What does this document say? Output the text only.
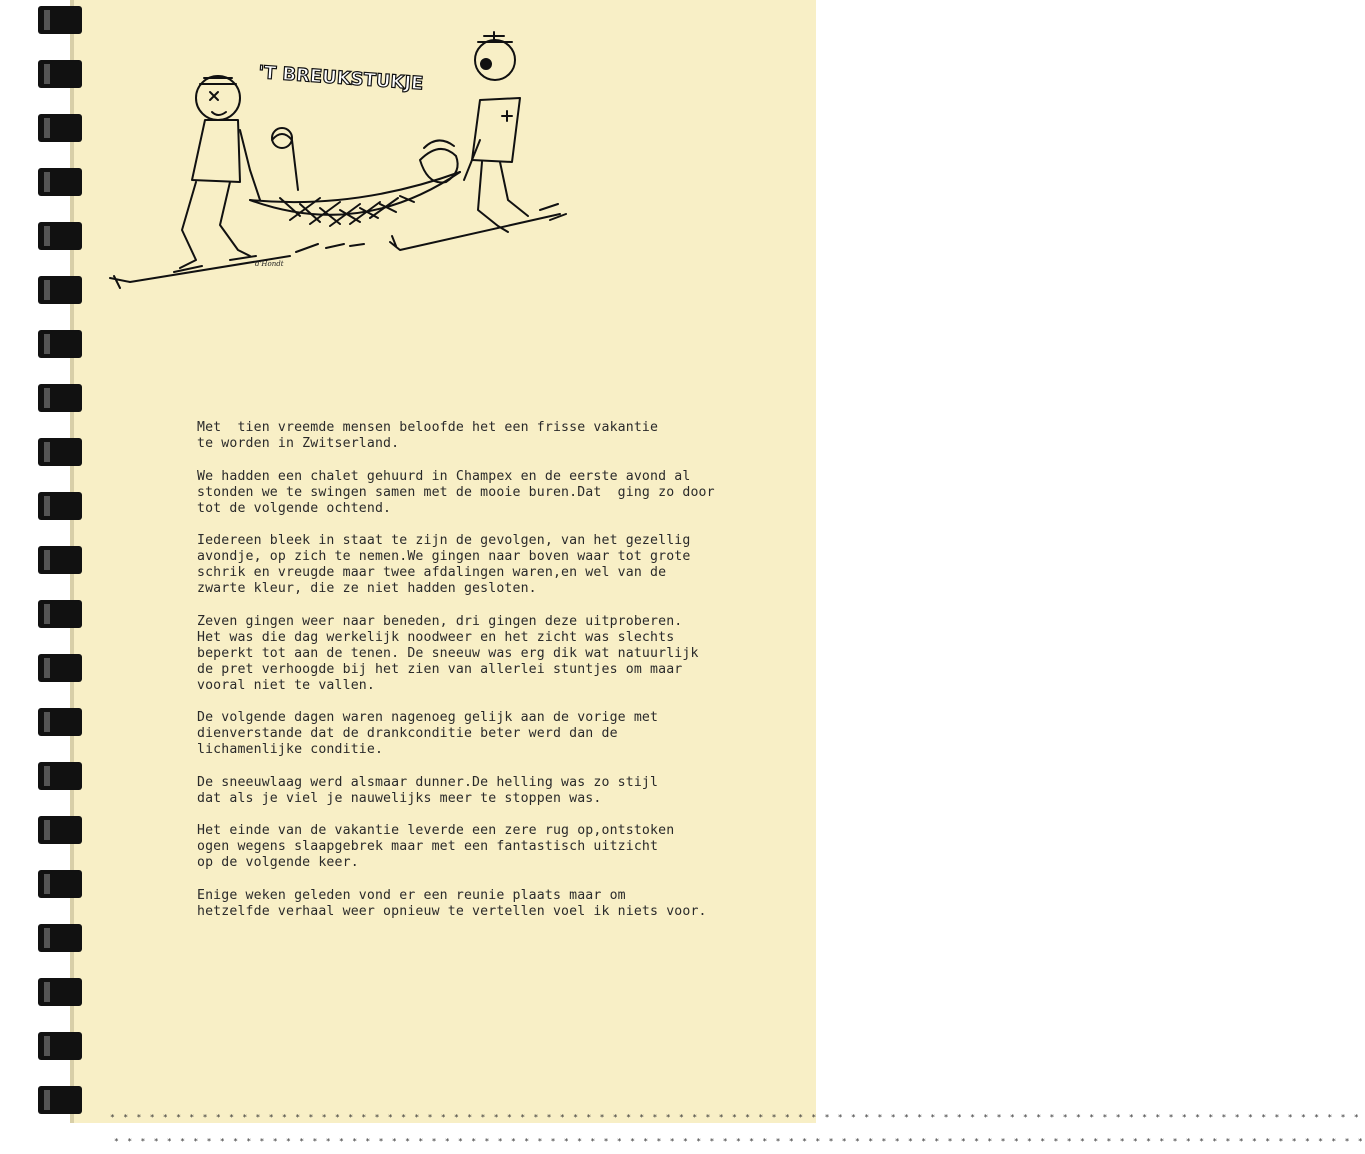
'T BREUKSTUKJE
d'Hondt

Met  tien vreemde mensen beloofde het een frisse vakantie
te worden in Zwitserland.

We hadden een chalet gehuurd in Champex en de eerste avond al
stonden we te swingen samen met de mooie buren.Dat  ging zo door
tot de volgende ochtend.

Iedereen bleek in staat te zijn de gevolgen, van het gezellig
avondje, op zich te nemen.We gingen naar boven waar tot grote
schrik en vreugde maar twee afdalingen waren,en wel van de
zwarte kleur, die ze niet hadden gesloten.

Zeven gingen weer naar beneden, dri gingen deze uitproberen.
Het was die dag werkelijk noodweer en het zicht was slechts
beperkt tot aan de tenen. De sneeuw was erg dik wat natuurlijk
de pret verhoogde bij het zien van allerlei stuntjes om maar
vooral niet te vallen.

De volgende dagen waren nagenoeg gelijk aan de vorige met
dienverstande dat de drankconditie beter werd dan de
lichamenlijke conditie.

De sneeuwlaag werd alsmaar dunner.De helling was zo stijl
dat als je viel je nauwelijks meer te stoppen was.

Het einde van de vakantie leverde een zere rug op,ontstoken
ogen wegens slaapgebrek maar met een fantastisch uitzicht
op de volgende keer.

Enige weken geleden vond er een reunie plaats maar om
hetzelfde verhaal weer opnieuw te vertellen voel ik niets voor.

* * * * * * * * * * * * * * * * * * * * * * * * * * * * * * * * * * * * * * * * * * * * * * * * * * * * * * * * * * * * * * * * * * * * * * * * * * * * * * * * * * * * * * * * * * * * * * *

* * * * * * * * * * * * * * * * * * * * * * * * * * * * * * * * * * * * * * * * * * * * * * * * * * * * * * * * * * * * * * * * * * * * * * * * * * * * * * * * * * * * * * * * * * * * * * *
